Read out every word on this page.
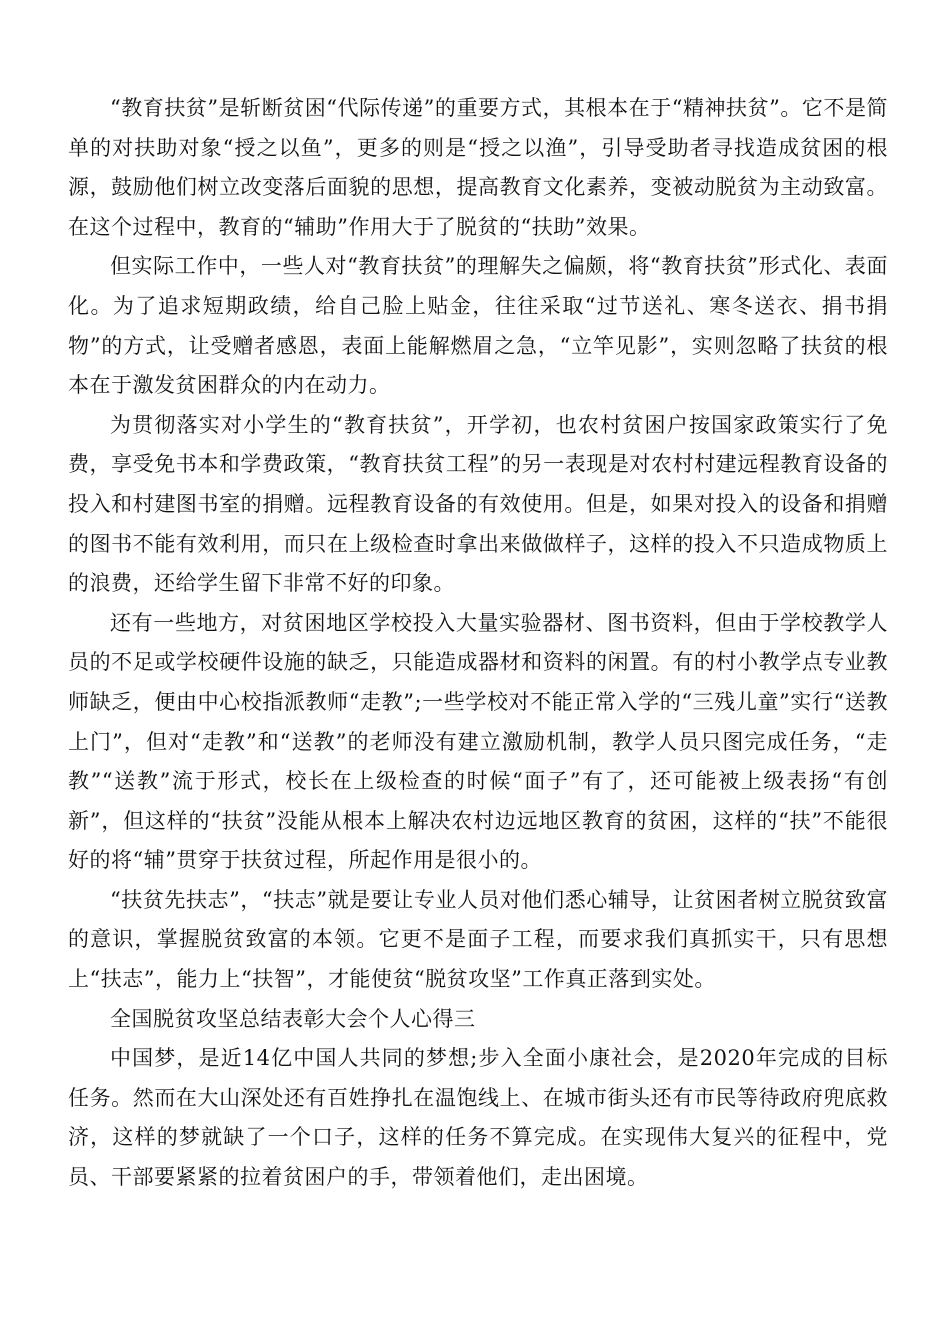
“教育扶贫”是斩断贫困“代际传递”的重要方式，其根本在于“精神扶贫”。它不是简单的对扶助对象“授之以鱼”，更多的则是“授之以渔”，引导受助者寻找造成贫困的根源，鼓励他们树立改变落后面貌的思想，提高教育文化素养，变被动脱贫为主动致富。在这个过程中，教育的“辅助”作用大于了脱贫的“扶助”效果。

但实际工作中，一些人对“教育扶贫”的理解失之偏颇，将“教育扶贫”形式化、表面化。为了追求短期政绩，给自己脸上贴金，往往采取“过节送礼、寒冬送衣、捐书捐物”的方式，让受赠者感恩，表面上能解燃眉之急，“立竿见影”，实则忽略了扶贫的根本在于激发贫困群众的内在动力。

为贯彻落实对小学生的“教育扶贫”，开学初，也农村贫困户按国家政策实行了免费，享受免书本和学费政策，“教育扶贫工程”的另一表现是对农村村建远程教育设备的投入和村建图书室的捐赠。远程教育设备的有效使用。但是，如果对投入的设备和捐赠的图书不能有效利用，而只在上级检查时拿出来做做样子，这样的投入不只造成物质上的浪费，还给学生留下非常不好的印象。

还有一些地方，对贫困地区学校投入大量实验器材、图书资料，但由于学校教学人员的不足或学校硬件设施的缺乏，只能造成器材和资料的闲置。有的村小教学点专业教师缺乏，便由中心校指派教师“走教”;一些学校对不能正常入学的“三残儿童”实行“送教上门”，但对“走教”和“送教”的老师没有建立激励机制，教学人员只图完成任务，“走教”“送教”流于形式，校长在上级检查的时候“面子”有了，还可能被上级表扬“有创新”，但这样的“扶贫”没能从根本上解决农村边远地区教育的贫困，这样的“扶”不能很好的将“辅”贯穿于扶贫过程，所起作用是很小的。

“扶贫先扶志”，“扶志”就是要让专业人员对他们悉心辅导，让贫困者树立脱贫致富的意识，掌握脱贫致富的本领。它更不是面子工程，而要求我们真抓实干，只有思想上“扶志”，能力上“扶智”，才能使贫“脱贫攻坚”工作真正落到实处。

全国脱贫攻坚总结表彰大会个人心得三

中国梦，是近14亿中国人共同的梦想;步入全面小康社会，是2020年完成的目标任务。然而在大山深处还有百姓挣扎在温饱线上、在城市街头还有市民等待政府兜底救济，这样的梦就缺了一个口子，这样的任务不算完成。在实现伟大复兴的征程中，党员、干部要紧紧的拉着贫困户的手，带领着他们，走出困境。
